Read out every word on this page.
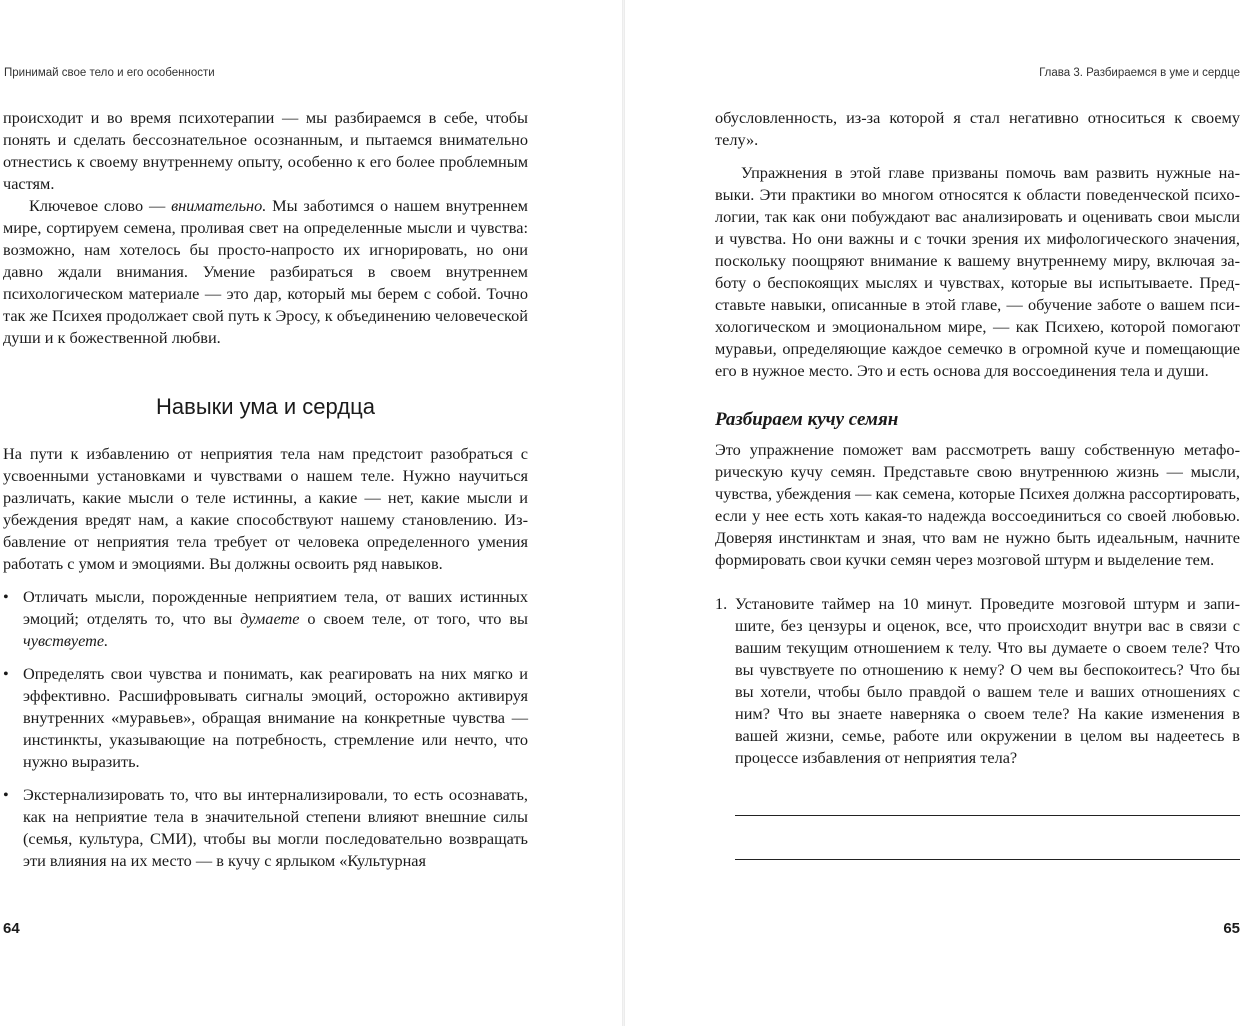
Принимай свое тело и его особенности

происходит и во время психотерапии — мы разбираемся в себе, чтобы понять и сделать бессознательное осознанным, и пытаемся внимательно отнестись к своему внутреннему опыту, особенно к его более проблемным частям.

Ключевое слово — внимательно. Мы заботимся о нашем внутреннем мире, сортируем семена, проливая свет на определенные мысли и чувства: возможно, нам хотелось бы просто-напросто их игнорировать, но они давно ждали внимания. Умение разбираться в своем внутреннем психологическом материале — это дар, который мы берем с собой. Точно так же Психея продолжает свой путь к Эросу, к объединению человеческой души и к божественной любви.

Навыки ума и сердца

На пути к избавлению от неприятия тела нам предстоит разобраться с усвоенными установками и чувствами о нашем теле. Нужно научиться различать, какие мысли о теле истинны, а какие — нет, какие мысли и убеждения вредят нам, а какие способствуют нашему становлению. Избавление от неприятия тела требует от человека определенного умения работать с умом и эмоциями. Вы должны освоить ряд навыков.

• Отличать мысли, порожденные неприятием тела, от ваших истинных эмоций; отделять то, что вы думаете о своем теле, от того, что вы чувствуете.
• Определять свои чувства и понимать, как реагировать на них мягко и эффективно. Расшифровывать сигналы эмоций, осторожно активируя внутренних «муравьев», обращая внимание на конкретные чувства — инстинкты, указывающие на потребность, стремление или нечто, что нужно выразить.
• Экстернализировать то, что вы интернализировали, то есть осознавать, как на неприятие тела в значительной степени влияют внешние силы (семья, культура, СМИ), чтобы вы могли последовательно возвращать эти влияния на их место — в кучу с ярлыком «Культурная
64
Глава 3. Разбираемся в уме и сердце

обусловленность, из-за которой я стал негативно относиться к своему телу».

Упражнения в этой главе призваны помочь вам развить нужные навыки. Эти практики во многом относятся к области поведенческой психологии, так как они побуждают вас анализировать и оценивать свои мысли и чувства. Но они важны и с точки зрения их мифологического значения, поскольку поощряют внимание к вашему внутреннему миру, включая заботу о беспокоящих мыслях и чувствах, которые вы испытываете. Представьте навыки, описанные в этой главе, — обучение заботе о вашем психологическом и эмоциональном мире, — как Психею, которой помогают муравьи, определяющие каждое семечко в огромной куче и помещающие его в нужное место. Это и есть основа для воссоединения тела и души.

Разбираем кучу семян

Это упражнение поможет вам рассмотреть вашу собственную метафорическую кучу семян. Представьте свою внутреннюю жизнь — мысли, чувства, убеждения — как семена, которые Психея должна рассортировать, если у нее есть хоть какая-то надежда воссоединиться со своей любовью. Доверяя инстинктам и зная, что вам не нужно быть идеальным, начните формировать свои кучки семян через мозговой штурм и выделение тем.

1. Установите таймер на 10 минут. Проведите мозговой штурм и запишите, без цензуры и оценок, все, что происходит внутри вас в связи с вашим текущим отношением к телу. Что вы думаете о своем теле? Что вы чувствуете по отношению к нему? О чем вы беспокоитесь? Что бы вы хотели, чтобы было правдой о вашем теле и ваших отношениях с ним? Что вы знаете наверняка о своем теле? На какие изменения в вашей жизни, семье, работе или окружении в целом вы надеетесь в процессе избавления от неприятия тела?
65
